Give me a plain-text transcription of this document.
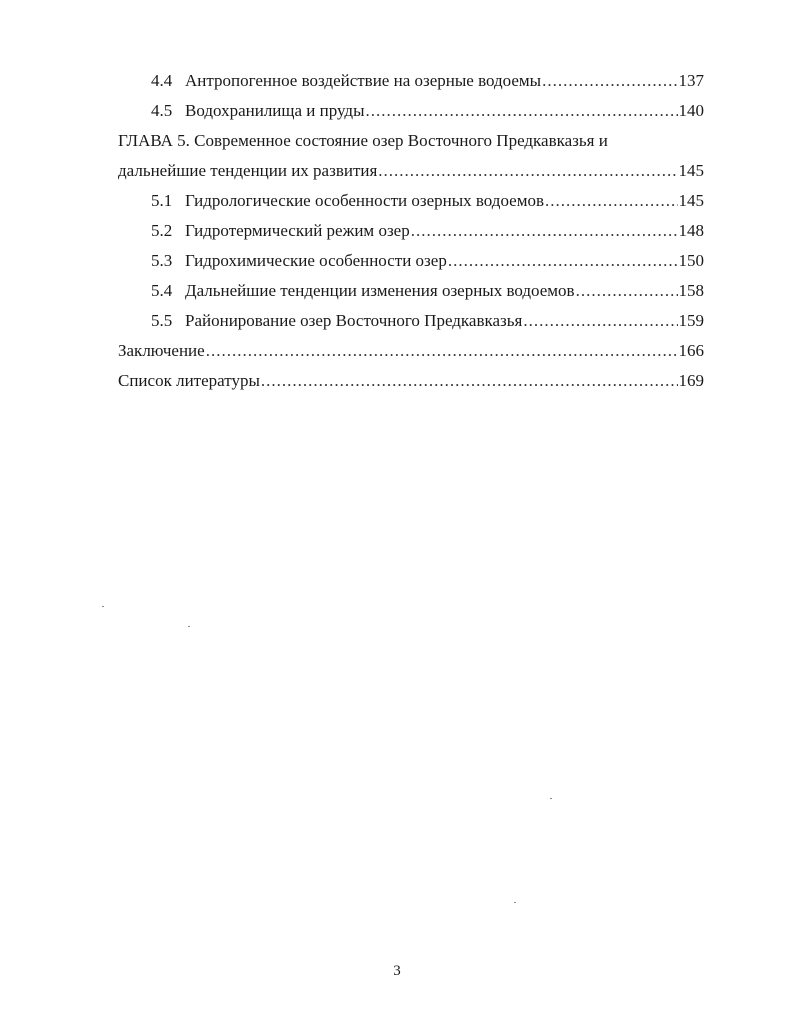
4.4 Антропогенное воздействие на озерные водоемы .....	137
4.5 Водохранилища и пруды .....	140
ГЛАВА 5. Современное состояние озер Восточного Предкавказья и
дальнейшие тенденции их развития .....	145
5.1 Гидрологические особенности озерных водоемов .....	145
5.2 Гидротермический режим озер .....	148
5.3 Гидрохимические особенности озер .....	150
5.4 Дальнейшие тенденции изменения озерных водоемов .....	158
5.5 Районирование озер Восточного Предкавказья .....	159
Заключение .....	166
Список литературы .....	169
3
